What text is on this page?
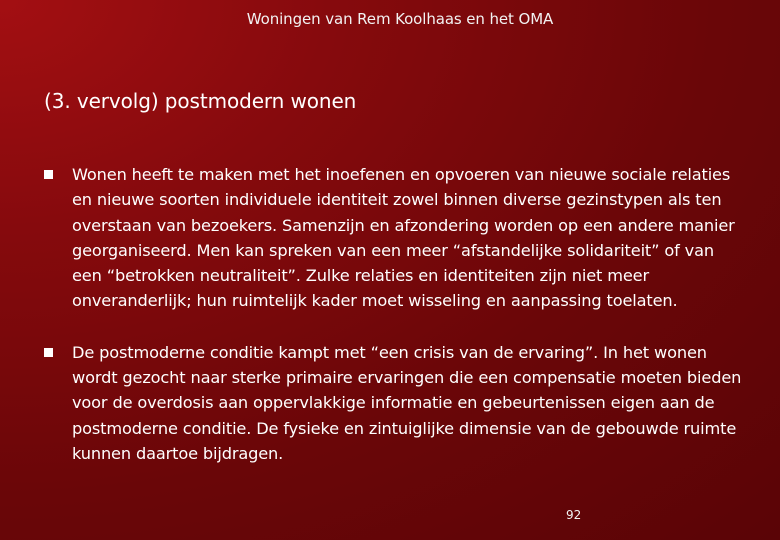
Woningen van Rem Koolhaas en het OMA
(3. vervolg) postmodern wonen
Wonen heeft te maken met het inoefenen en opvoeren van nieuwe sociale relaties en nieuwe soorten individuele identiteit zowel binnen diverse gezinstypen als ten overstaan van bezoekers. Samenzijn en afzondering worden op een andere manier georganiseerd. Men kan spreken van een meer “afstandelijke solidariteit” of van een “betrokken neutraliteit”. Zulke relaties en identiteiten zijn niet meer onveranderlijk; hun ruimtelijk kader moet wisseling en aanpassing toelaten.
De postmoderne conditie kampt met “een crisis van de ervaring”. In het wonen wordt gezocht naar sterke primaire ervaringen die een compensatie moeten bieden voor de overdosis aan oppervlakkige informatie en gebeurtenissen eigen aan de postmoderne conditie. De fysieke en zintuiglijke dimensie van de gebouwde ruimte kunnen daartoe bijdragen.
92
